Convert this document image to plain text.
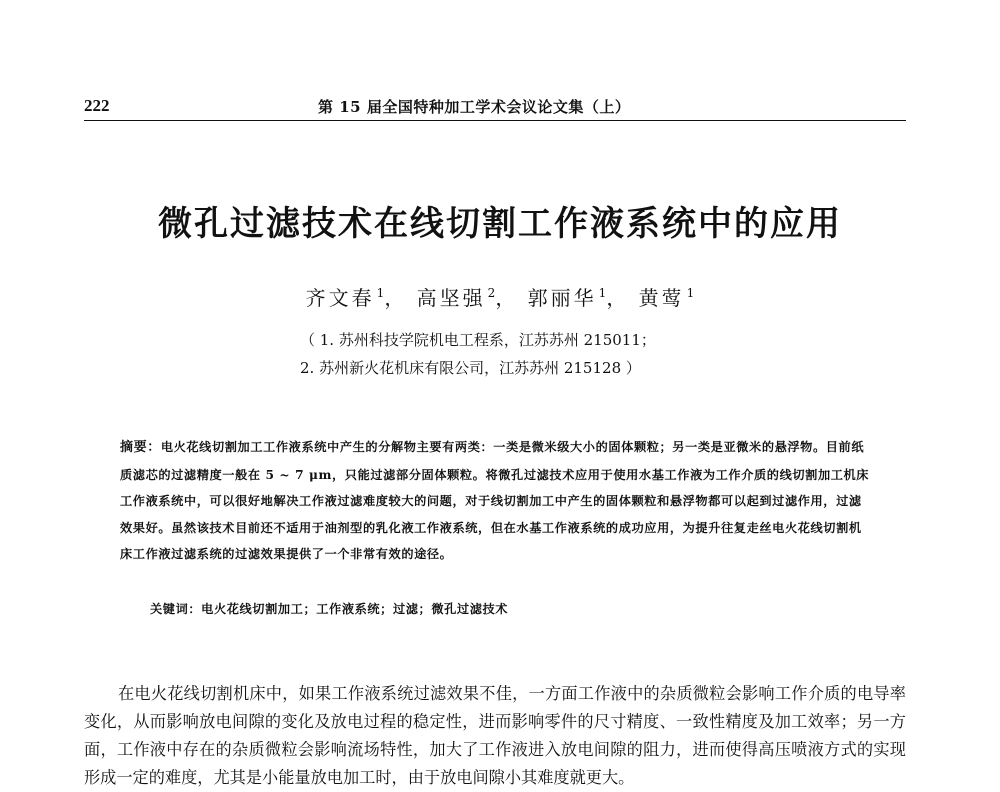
222	第 15 届全国特种加工学术会议论文集（上）
微孔过滤技术在线切割工作液系统中的应用
齐文春 $^1$， 高坚强 $^2$， 郭丽华 $^1$， 黄莺 $^1$
（ 1. 苏州科技学院机电工程系，江苏苏州 215011；
2. 苏州新火花机床有限公司，江苏苏州 215128 ）
摘要：电火花线切割加工工作液系统中产生的分解物主要有两类：一类是微米级大小的固体颗粒；另一类是亚微米的悬浮物。目前纸质滤芯的过滤精度一般在 5 ~ 7 μm，只能过滤部分固体颗粒。将微孔过滤技术应用于使用水基工作液为工作介质的线切割加工机床工作液系统中，可以很好地解决工作液过滤难度较大的问题，对于线切割加工中产生的固体颗粒和悬浮物都可以起到过滤作用，过滤效果好。虽然该技术目前还不适用于油剂型的乳化液工作液系统，但在水基工作液系统的成功应用，为提升往复走丝电火花线切割机床工作液过滤系统的过滤效果提供了一个非常有效的途径。
关键词：电火花线切割加工；工作液系统；过滤；微孔过滤技术

在电火花线切割机床中，如果工作液系统过滤效果不佳，一方面工作液中的杂质微粒会影响工作介质的电导率变化，从而影响放电间隙的变化及放电过程的稳定性，进而影响零件的尺寸精度、一致性精度及加工效率；另一方面，工作液中存在的杂质微粒会影响流场特性，加大了工作液进入放电间隙的阻力，进而使得高压喷液方式的实现形成一定的难度，尤其是小能量放电加工时，由于放电间隙小其难度就更大。
